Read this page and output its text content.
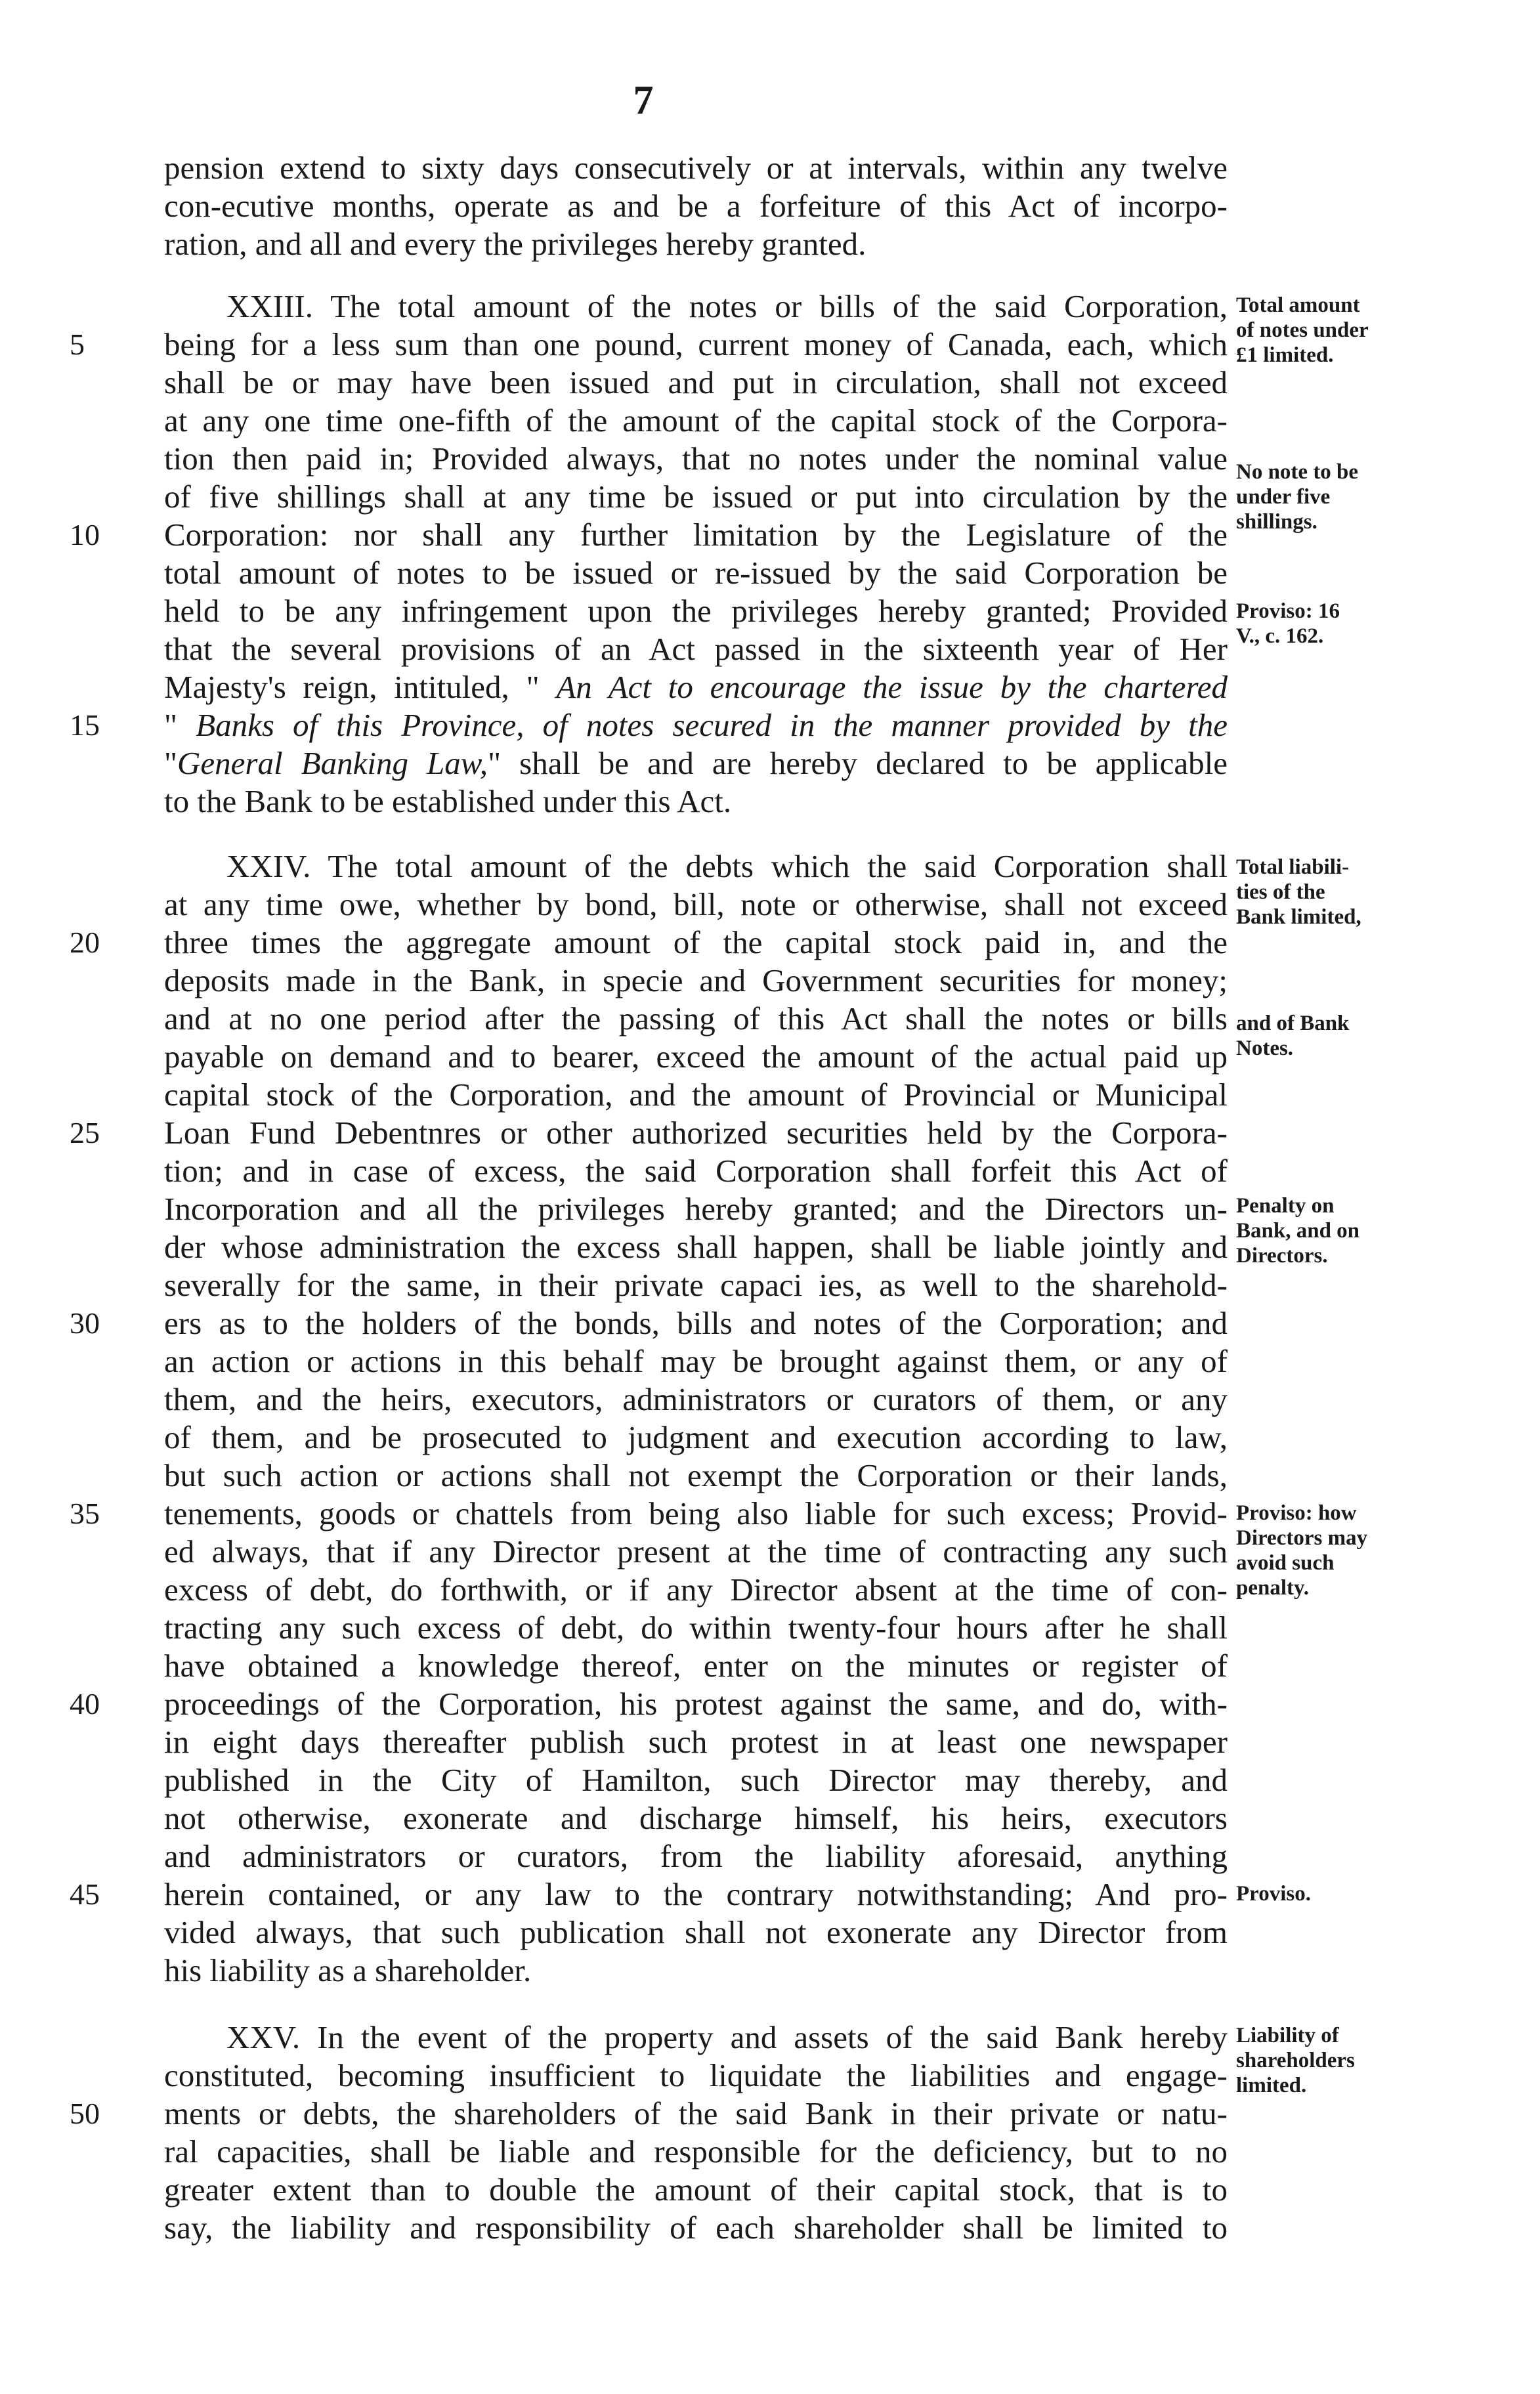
7
pension extend to sixty days consecutively or at intervals, within any twelve
con-ecutive months, operate as and be a forfeiture of this Act of incorpo-
ration, and all and every the privileges hereby granted.
XXIII. The total amount of the notes or bills of the said Corporation,
being for a less sum than one pound, current money of Canada, each, which
shall be or may have been issued and put in circulation, shall not exceed
at any one time one-fifth of the amount of the capital stock of the Corpora-
tion then paid in; Provided always, that no notes under the nominal value
of five shillings shall at any time be issued or put into circulation by the
Corporation: nor shall any further limitation by the Legislature of the
total amount of notes to be issued or re-issued by the said Corporation be
held to be any infringement upon the privileges hereby granted; Provided
that the several provisions of an Act passed in the sixteenth year of Her
Majesty's reign, intituled, " An Act to encourage the issue by the chartered
" Banks of this Province, of notes secured in the manner provided by the
"General Banking Law," shall be and are hereby declared to be applicable
to the Bank to be established under this Act.
XXIV. The total amount of the debts which the said Corporation shall
at any time owe, whether by bond, bill, note or otherwise, shall not exceed
three times the aggregate amount of the capital stock paid in, and the
deposits made in the Bank, in specie and Government securities for money;
and at no one period after the passing of this Act shall the notes or bills
payable on demand and to bearer, exceed the amount of the actual paid up
capital stock of the Corporation, and the amount of Provincial or Municipal
Loan Fund Debentnres or other authorized securities held by the Corpora-
tion; and in case of excess, the said Corporation shall forfeit this Act of
Incorporation and all the privileges hereby granted; and the Directors un-
der whose administration the excess shall happen, shall be liable jointly and
severally for the same, in their private capaci ies, as well to the sharehold-
ers as to the holders of the bonds, bills and notes of the Corporation; and
an action or actions in this behalf may be brought against them, or any of
them, and the heirs, executors, administrators or curators of them, or any
of them, and be prosecuted to judgment and execution according to law,
but such action or actions shall not exempt the Corporation or their lands,
tenements, goods or chattels from being also liable for such excess; Provid-
ed always, that if any Director present at the time of contracting any such
excess of debt, do forthwith, or if any Director absent at the time of con-
tracting any such excess of debt, do within twenty-four hours after he shall
have obtained a knowledge thereof, enter on the minutes or register of
proceedings of the Corporation, his protest against the same, and do, with-
in eight days thereafter publish such protest in at least one newspaper
published in the City of Hamilton, such Director may thereby, and
not otherwise, exonerate and discharge himself, his heirs, executors
and administrators or curators, from the liability aforesaid, anything
herein contained, or any law to the contrary notwithstanding; And pro-
vided always, that such publication shall not exonerate any Director from
his liability as a shareholder.
XXV. In the event of the property and assets of the said Bank hereby
constituted, becoming insufficient to liquidate the liabilities and engage-
ments or debts, the shareholders of the said Bank in their private or natu-
ral capacities, shall be liable and responsible for the deficiency, but to no
greater extent than to double the amount of their capital stock, that is to
say, the liability and responsibility of each shareholder shall be limited to
5
10
15
20
25
30
35
40
45
50
Total amount
of notes under
£1 limited.
No note to be
under five
shillings.
Proviso: 16
V., c. 162.
Total liabili-
ties of the
Bank limited,
and of Bank
Notes.
Penalty on
Bank, and on
Directors.
Proviso: how
Directors may
avoid such
penalty.
Proviso.
Liability of
shareholders
limited.
